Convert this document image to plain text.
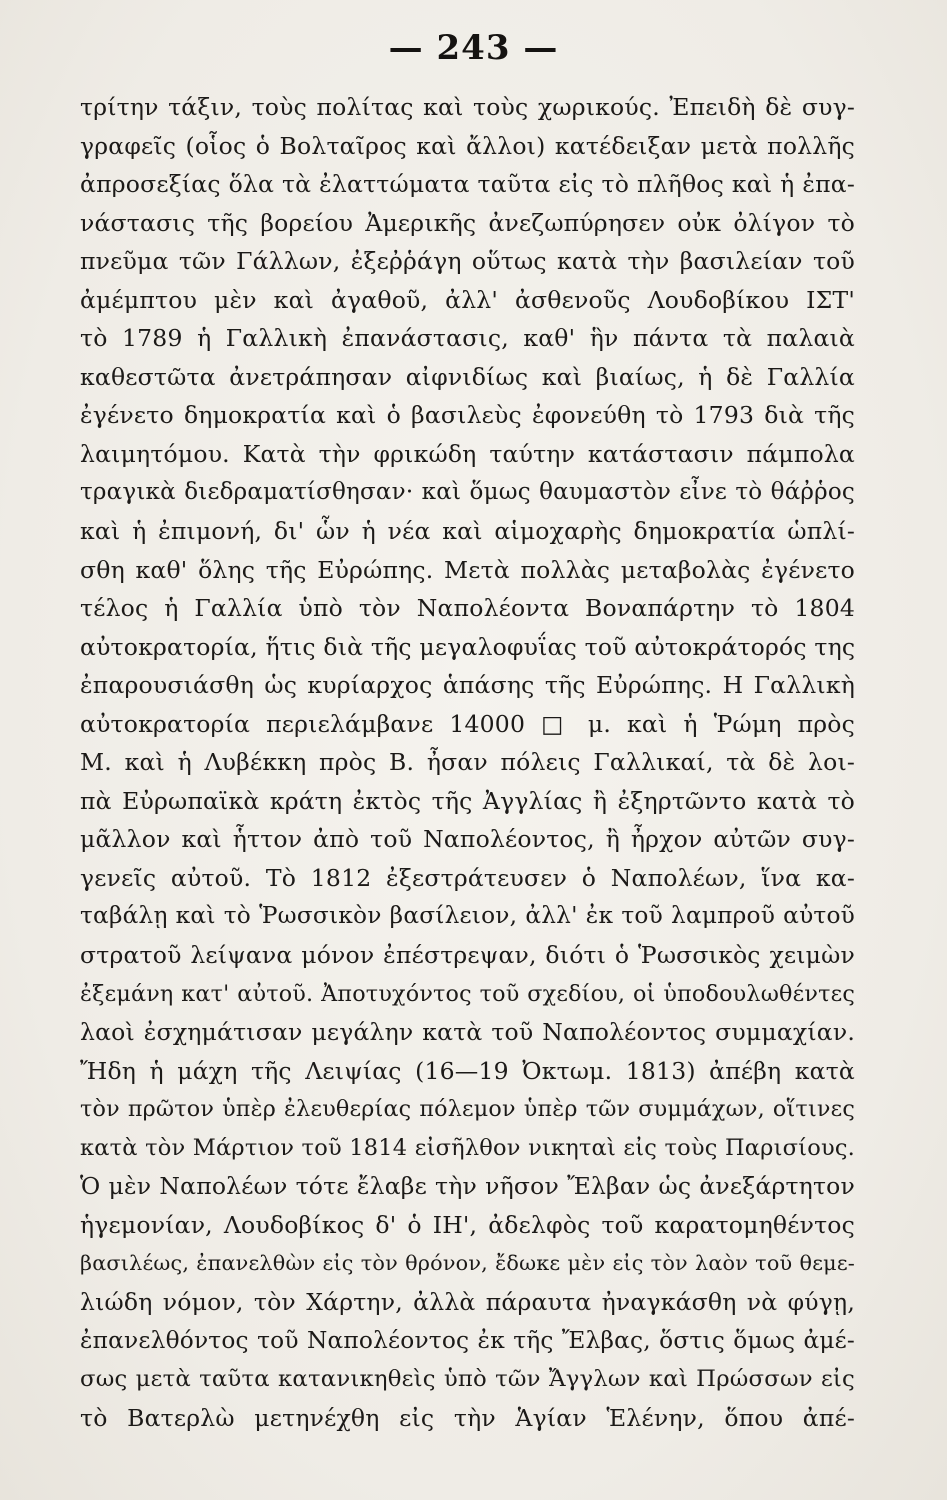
— 243 —
τρίτην τάξιν, τοὺς πολίτας καὶ τοὺς χωρικούς. Ἐπειδὴ δὲ συγ-
γραφεῖς (οἷος ὁ Βολταῖρος καὶ ἄλλοι) κατέδειξαν μετὰ πολλῆς
ἀπροσεξίας ὅλα τὰ ἐλαττώματα ταῦτα εἰς τὸ πλῆθος καὶ ἡ ἐπα-
νάστασις τῆς βορείου Ἀμερικῆς ἀνεζωπύρησεν οὐκ ὀλίγον τὸ
πνεῦμα τῶν Γάλλων, ἐξεῤῥάγη οὕτως κατὰ τὴν βασιλείαν τοῦ
ἀμέμπτου μὲν καὶ ἀγαθοῦ, ἀλλ' ἀσθενοῦς Λουδοβίκου ΙΣΤ'
τὸ 1789 ἡ Γαλλικὴ ἐπανάστασις, καθ' ἣν πάντα τὰ παλαιὰ
καθεστῶτα ἀνετράπησαν αἰφνιδίως καὶ βιαίως, ἡ δὲ Γαλλία
ἐγένετο δημοκρατία καὶ ὁ βασιλεὺς ἐφονεύθη τὸ 1793 διὰ τῆς
λαιμητόμου. Κατὰ τὴν φρικώδη ταύτην κατάστασιν πάμπολα
τραγικὰ διεδραματίσθησαν· καὶ ὅμως θαυμαστὸν εἶνε τὸ θάῤῥος
καὶ ἡ ἐπιμονή, δι' ὧν ἡ νέα καὶ αἱμοχαρὴς δημοκρατία ὡπλί-
σθη καθ' ὅλης τῆς Εὐρώπης. Μετὰ πολλὰς μεταβολὰς ἐγένετο
τέλος ἡ Γαλλία ὑπὸ τὸν Ναπολέοντα Βοναπάρτην τὸ 1804
αὐτοκρατορία, ἥτις διὰ τῆς μεγαλοφυΐας τοῦ αὐτοκράτορός της
ἐπαρουσιάσθη ὡς κυρίαρχος ἁπάσης τῆς Εὐρώπης. Η Γαλλικὴ
αὐτοκρατορία περιελάμβανε 14000 □ μ. καὶ ἡ Ῥώμη πρὸς
Μ. καὶ ἡ Λυβέκκη πρὸς Β. ἦσαν πόλεις Γαλλικαί, τὰ δὲ λοι-
πὰ Εὐρωπαϊκὰ κράτη ἐκτὸς τῆς Ἀγγλίας ἢ ἐξηρτῶντο κατὰ τὸ
μᾶλλον καὶ ἧττον ἀπὸ τοῦ Ναπολέοντος, ἢ ἦρχον αὐτῶν συγ-
γενεῖς αὐτοῦ. Τὸ 1812 ἐξεστράτευσεν ὁ Ναπολέων, ἵνα κα-
ταβάλῃ καὶ τὸ Ῥωσσικὸν βασίλειον, ἀλλ' ἐκ τοῦ λαμπροῦ αὐτοῦ
στρατοῦ λείψανα μόνον ἐπέστρεψαν, διότι ὁ Ῥωσσικὸς χειμὼν
ἐξεμάνη κατ' αὐτοῦ. Ἀποτυχόντος τοῦ σχεδίου, οἱ ὑποδουλωθέντες
λαοὶ ἐσχημάτισαν μεγάλην κατὰ τοῦ Ναπολέοντος συμμαχίαν.
Ἤδη ἡ μάχη τῆς Λειψίας (16—19 Ὀκτωμ. 1813) ἀπέβη κατὰ
τὸν πρῶτον ὑπὲρ ἐλευθερίας πόλεμον ὑπὲρ τῶν συμμάχων, οἵτινες
κατὰ τὸν Μάρτιον τοῦ 1814 εἰσῆλθον νικηταὶ εἰς τοὺς Παρισίους.
Ὁ μὲν Ναπολέων τότε ἔλαβε τὴν νῆσον Ἔλβαν ὡς ἀνεξάρτητον
ἡγεμονίαν, Λουδοβίκος δ' ὁ ΙΗ', ἀδελφὸς τοῦ καρατομηθέντος
βασιλέως, ἐπανελθὼν εἰς τὸν θρόνον, ἔδωκε μὲν εἰς τὸν λαὸν τοῦ θεμε-
λιώδη νόμον, τὸν Χάρτην, ἀλλὰ πάραυτα ἠναγκάσθη νὰ φύγῃ,
ἐπανελθόντος τοῦ Ναπολέοντος ἐκ τῆς Ἔλβας, ὅστις ὅμως ἀμέ-
σως μετὰ ταῦτα κατανικηθεὶς ὑπὸ τῶν Ἄγγλων καὶ Πρώσσων εἰς
τὸ Βατερλὼ μετηνέχθη εἰς τὴν Ἁγίαν Ἑλένην, ὅπου ἀπέ-
